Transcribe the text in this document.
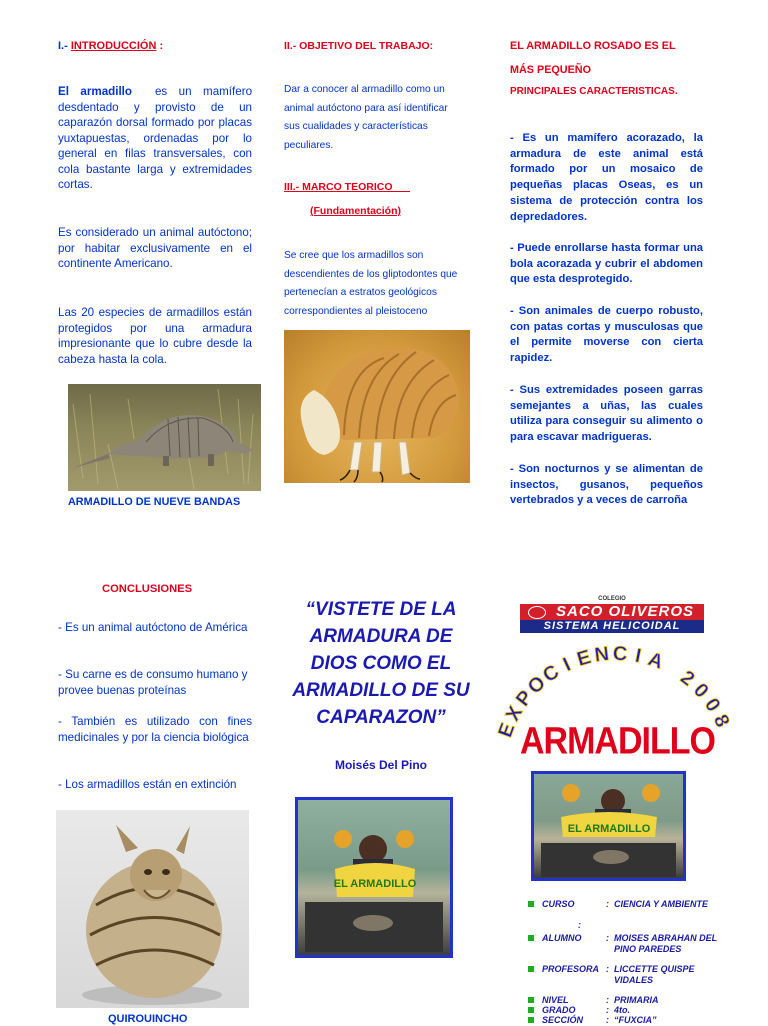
I.- INTRODUCCIÓN :
El armadillo es un mamífero desdentado y provisto de un caparazón dorsal formado por placas yuxtapuestas, ordenadas por lo general en filas transversales, con cola bastante larga y extremidades cortas.
Es considerado un animal autóctono; por habitar exclusivamente en el continente Americano.
Las 20 especies de armadillos están protegidos por una armadura impresionante que lo cubre desde la cabeza hasta la cola.
ARMADILLO DE NUEVE BANDAS
II.- OBJETIVO DEL TRABAJO:
Dar a conocer al armadillo como un animal autóctono para así identificar sus cualidades y características peculiares.
III.- MARCO TEORICO
(Fundamentación)
Se cree que los armadillos son descendientes de los gliptodontes que pertenecían a estratos geológicos correspondientes al pleistoceno
EL ARMADILLO ROSADO ES EL
MÁS PEQUEÑO
PRINCIPALES CARACTERISTICAS.
- Es un mamífero acorazado, la armadura de este animal está formado por un mosaico de pequeñas placas Oseas, es un sistema de protección contra los depredadores.
- Puede enrollarse hasta formar una bola acorazada y cubrir el abdomen que esta desprotegido.
- Son animales de cuerpo robusto, con patas cortas y musculosas que el permite moverse con cierta rapidez.
- Sus extremidades poseen garras semejantes a uñas, las cuales utiliza para conseguir su alimento o para escavar madrigueras.
- Son nocturnos y se alimentan de insectos, gusanos, pequeños vertebrados y a veces de carroña
CONCLUSIONES
- Es un animal autóctono de América
- Su carne es de consumo humano y provee buenas proteínas
- También es utilizado con fines medicinales y por la ciencia biológica
- Los armadillos están en extinción
QUIROUINCHO
“VISTETE DE LA
ARMADURA DE
DIOS COMO EL
ARMADILLO DE SU
CAPARAZON”
Moisés Del Pino
EL ARMADILLO
COLEGIO
SACO OLIVEROS
SISTEMA HELICOIDAL
E
X
P
O
C
I E N C I A
2
0
0
8
ARMADILLO
EL ARMADILLO
CURSO	: CIENCIA Y AMBIENTE
:
ALUMNO	: MOISES ABRAHAN DEL PINO PAREDES
PROFESORA : LICCETTE QUISPE VIDALES
NIVEL	: PRIMARIA
GRADO	: 4to.
SECCIÓN	: “FUXCIA”
